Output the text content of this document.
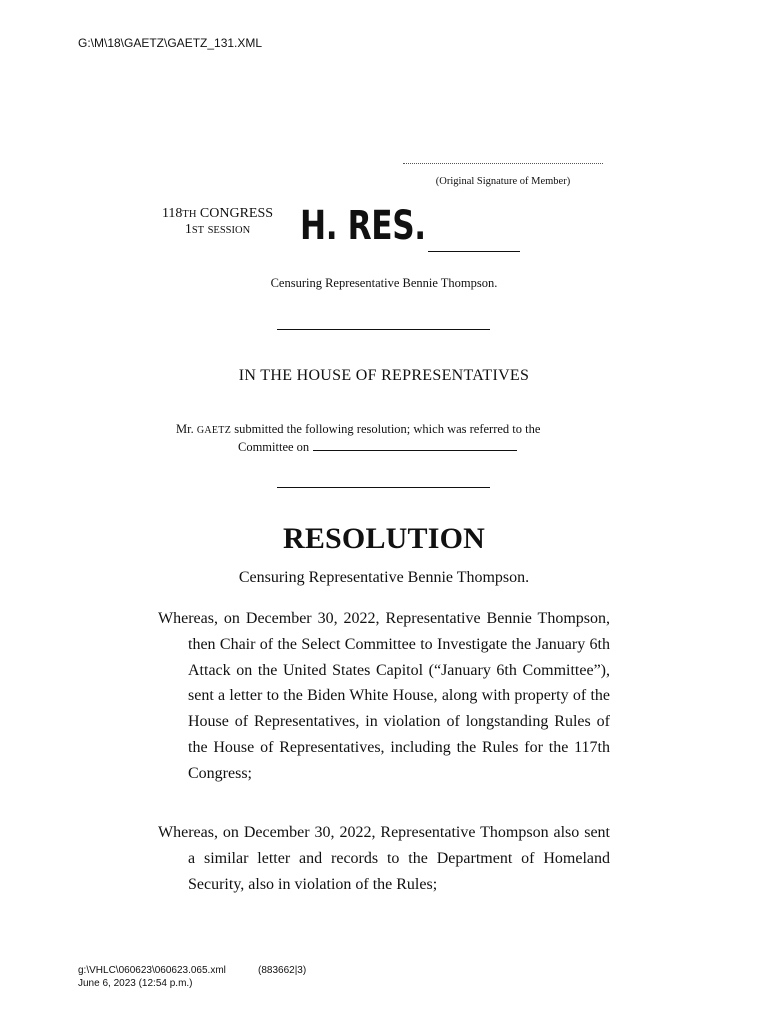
G:\M\18\GAETZ\GAETZ_131.XML
(Original Signature of Member)
118TH CONGRESS
1ST SESSION	H. RES.
Censuring Representative Bennie Thompson.
IN THE HOUSE OF REPRESENTATIVES
Mr. GAETZ submitted the following resolution; which was referred to the
Committee on
RESOLUTION
Censuring Representative Bennie Thompson.
Whereas, on December 30, 2022, Representative Bennie Thompson, then Chair of the Select Committee to Investigate the January 6th Attack on the United States Capitol (“January 6th Committee”), sent a letter to the Biden White House, along with property of the House of Representatives, in violation of longstanding Rules of the House of Representatives, including the Rules for the 117th Congress;
Whereas, on December 30, 2022, Representative Thompson also sent a similar letter and records to the Department of Homeland Security, also in violation of the Rules;
g:\VHLC\060623\060623.065.xml	(883662|3)
June 6, 2023 (12:54 p.m.)
